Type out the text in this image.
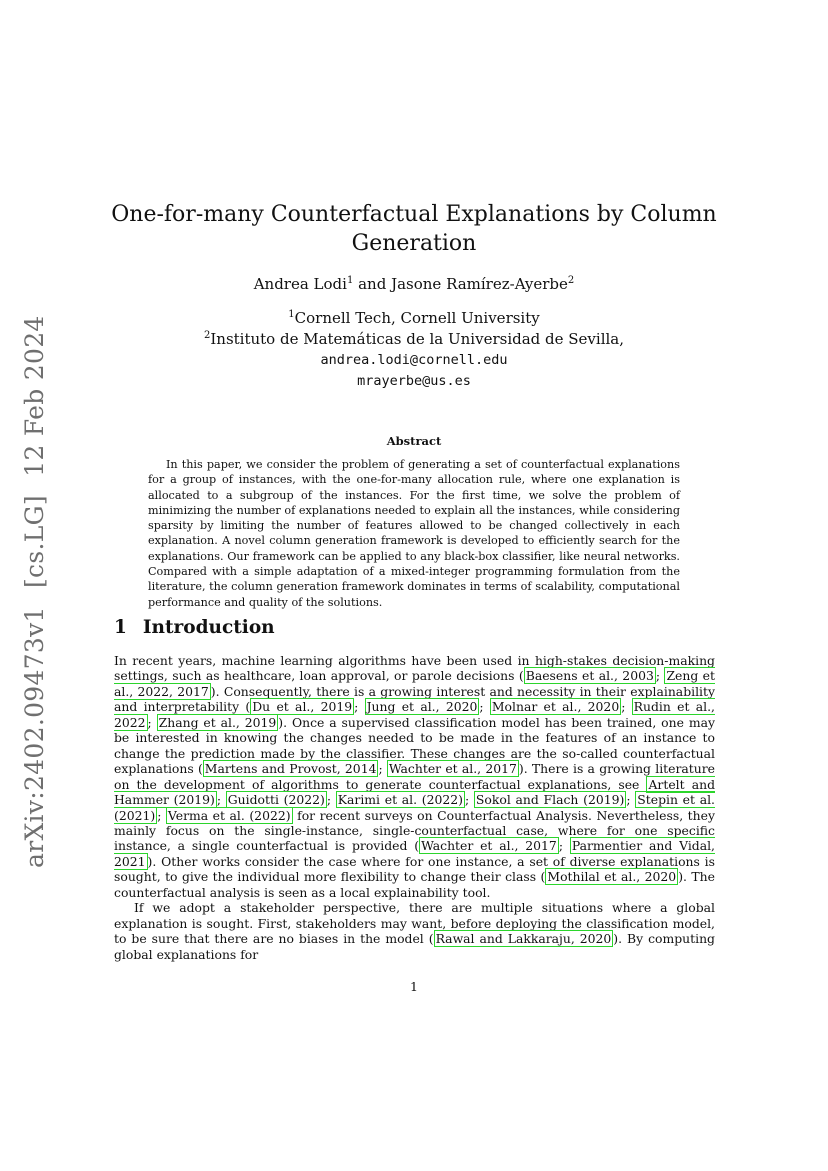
arXiv:2402.09473v1 [cs.LG] 12 Feb 2024
One-for-many Counterfactual Explanations by Column Generation
Andrea Lodi$^1$ and Jasone Ramírez-Ayerbe$^2$
$^1$Cornell Tech, Cornell University
$^2$Instituto de Matemáticas de la Universidad de Sevilla,
andrea.lodi@cornell.edu
mrayerbe@us.es
Abstract
In this paper, we consider the problem of generating a set of counterfactual explanations for a group of instances, with the one-for-many allocation rule, where one explanation is allocated to a subgroup of the instances. For the first time, we solve the problem of minimizing the number of explanations needed to explain all the instances, while considering sparsity by limiting the number of features allowed to be changed collectively in each explanation. A novel column generation framework is developed to efficiently search for the explanations. Our framework can be applied to any black-box classifier, like neural networks. Compared with a simple adaptation of a mixed-integer programming formulation from the literature, the column generation framework dominates in terms of scalability, computational performance and quality of the solutions.
1 Introduction

In recent years, machine learning algorithms have been used in high-stakes decision-making settings, such as healthcare, loan approval, or parole decisions ( Baesens et al., 2003 ; Zeng et al., 2022, 2017 ). Consequently, there is a growing interest and necessity in their explainability and interpretability ( Du et al., 2019 ; Jung et al., 2020 ; Molnar et al., 2020 ; Rudin et al., 2022 ; Zhang et al., 2019 ). Once a supervised classification model has been trained, one may be interested in knowing the changes needed to be made in the features of an instance to change the prediction made by the classifier. These changes are the so-called counterfactual explanations ( Martens and Provost, 2014 ; Wachter et al., 2017 ). There is a growing literature on the development of algorithms to generate counterfactual explanations, see Artelt and Hammer (2019) ; Guidotti (2022) ; Karimi et al. (2022) ; Sokol and Flach (2019) ; Stepin et al. (2021) ; Verma et al. (2022) for recent surveys on Counterfactual Analysis. Nevertheless, they mainly focus on the single-instance, single-counterfactual case, where for one specific instance, a single counterfactual is provided ( Wachter et al., 2017 ; Parmentier and Vidal, 2021 ). Other works consider the case where for one instance, a set of diverse explanations is sought, to give the individual more flexibility to change their class ( Mothilal et al., 2020 ). The counterfactual analysis is seen as a local explainability tool.

If we adopt a stakeholder perspective, there are multiple situations where a global explanation is sought. First, stakeholders may want, before deploying the classification model, to be sure that there are no biases in the model ( Rawal and Lakkaraju, 2020 ). By computing global explanations for

1
